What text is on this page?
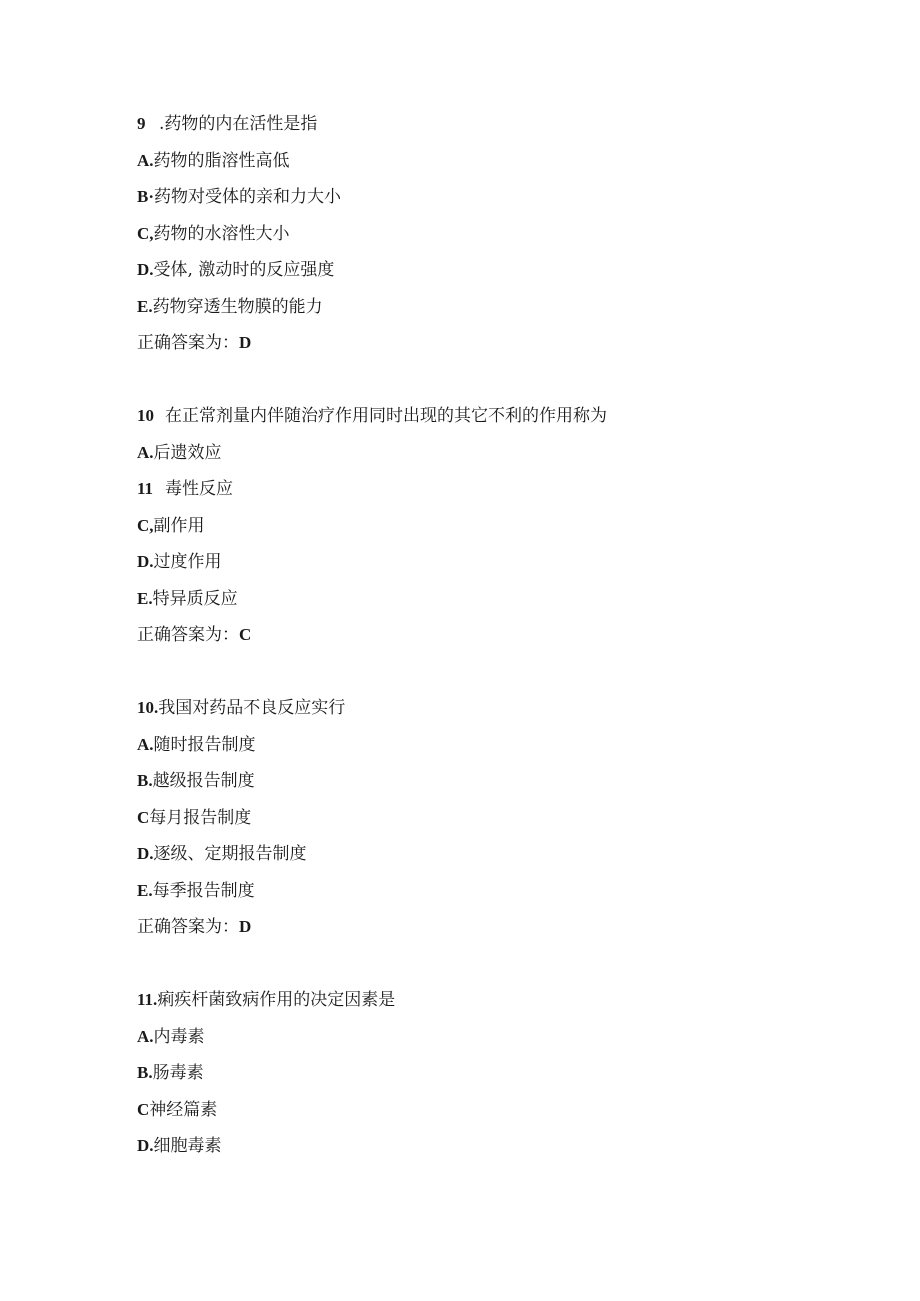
9 .药物的内在活性是指
A.药物的脂溶性高低
B·药物对受体的亲和力大小
C,药物的水溶性大小
D.受体, 激动时的反应强度
E.药物穿透生物膜的能力
正确答案为：D
10 在正常剂量内伴随治疗作用同时出现的其它不利的作用称为
A.后遗效应
11 毒性反应
C,副作用
D.过度作用
E.特异质反应
正确答案为：C
10.我国对药品不良反应实行
A.随时报告制度
B.越级报告制度
C每月报告制度
D.逐级、定期报告制度
E.每季报告制度
正确答案为：D
11.痢疾杆菌致病作用的决定因素是
A.内毒素
B.肠毒素
C神经篇素
D.细胞毒素
